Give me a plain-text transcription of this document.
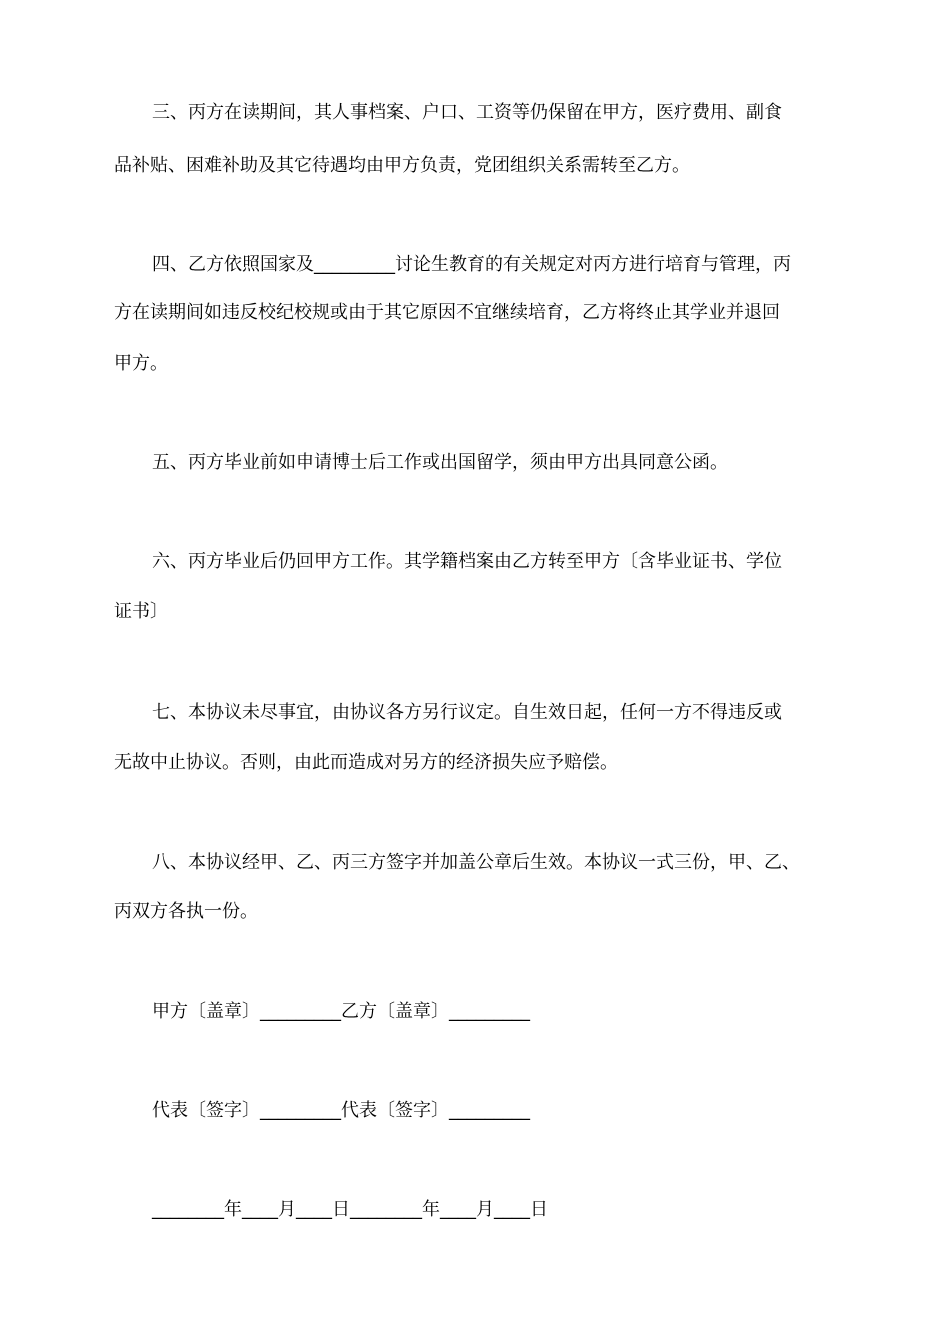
三、丙方在读期间，其人事档案、户口、工资等仍保留在甲方，医疗费用、副食
品补贴、困难补助及其它待遇均由甲方负责，党团组织关系需转至乙方。
四、乙方依照国家及_________讨论生教育的有关规定对丙方进行培育与管理，丙
方在读期间如违反校纪校规或由于其它原因不宜继续培育，乙方将终止其学业并退回
甲方。
五、丙方毕业前如申请博士后工作或出国留学，须由甲方出具同意公函。
六、丙方毕业后仍回甲方工作。其学籍档案由乙方转至甲方〔含毕业证书、学位
证书〕
七、本协议未尽事宜，由协议各方另行议定。自生效日起，任何一方不得违反或
无故中止协议。否则，由此而造成对另方的经济损失应予赔偿。
八、本协议经甲、乙、丙三方签字并加盖公章后生效。本协议一式三份，甲、乙、
丙双方各执一份。
甲方〔盖章〕_________乙方〔盖章〕_________
代表〔签字〕_________代表〔签字〕_________
________年____月____日________年____月____日
